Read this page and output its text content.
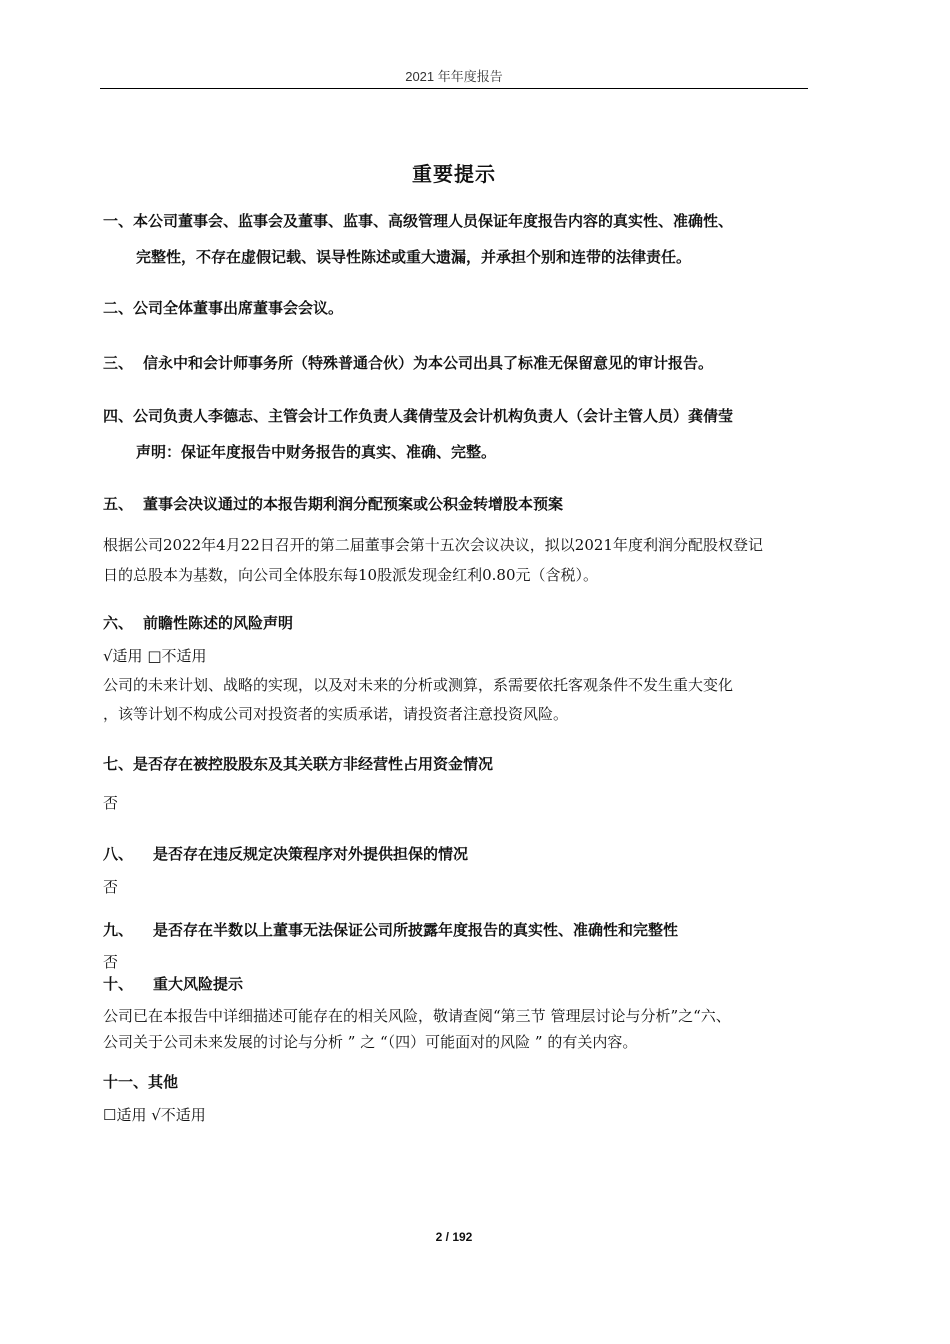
2021 年年度报告
重要提示
一、本公司董事会、监事会及董事、监事、高级管理人员保证年度报告内容的真实性、准确性、
完整性，不存在虚假记载、误导性陈述或重大遗漏，并承担个别和连带的法律责任。
二、公司全体董事出席董事会会议。
三、 信永中和会计师事务所（特殊普通合伙）为本公司出具了标准无保留意见的审计报告。
四、公司负责人李德志、主管会计工作负责人龚倩莹及会计机构负责人（会计主管人员）龚倩莹
声明：保证年度报告中财务报告的真实、准确、完整。
五、 董事会决议通过的本报告期利润分配预案或公积金转增股本预案
根据公司2022年4月22日召开的第二届董事会第十五次会议决议，拟以2021年度利润分配股权登记
日的总股本为基数，向公司全体股东每10股派发现金红利0.80元（含税）。
六、 前瞻性陈述的风险声明
√适用 □不适用
公司的未来计划、战略的实现，以及对未来的分析或测算，系需要依托客观条件不发生重大变化
，该等计划不构成公司对投资者的实质承诺，请投资者注意投资风险。
七、是否存在被控股股东及其关联方非经营性占用资金情况
否
八、 是否存在违反规定决策程序对外提供担保的情况
否
九、 是否存在半数以上董事无法保证公司所披露年度报告的真实性、准确性和完整性
否
十、 重大风险提示
公司已在本报告中详细描述可能存在的相关风险，敬请查阅“第三节 管理层讨论与分析”之“六、
公司关于公司未来发展的讨论与分析 ” 之 “（四）可能面对的风险 ” 的有关内容。
十一、其他
☐适用 √不适用
2 / 192
